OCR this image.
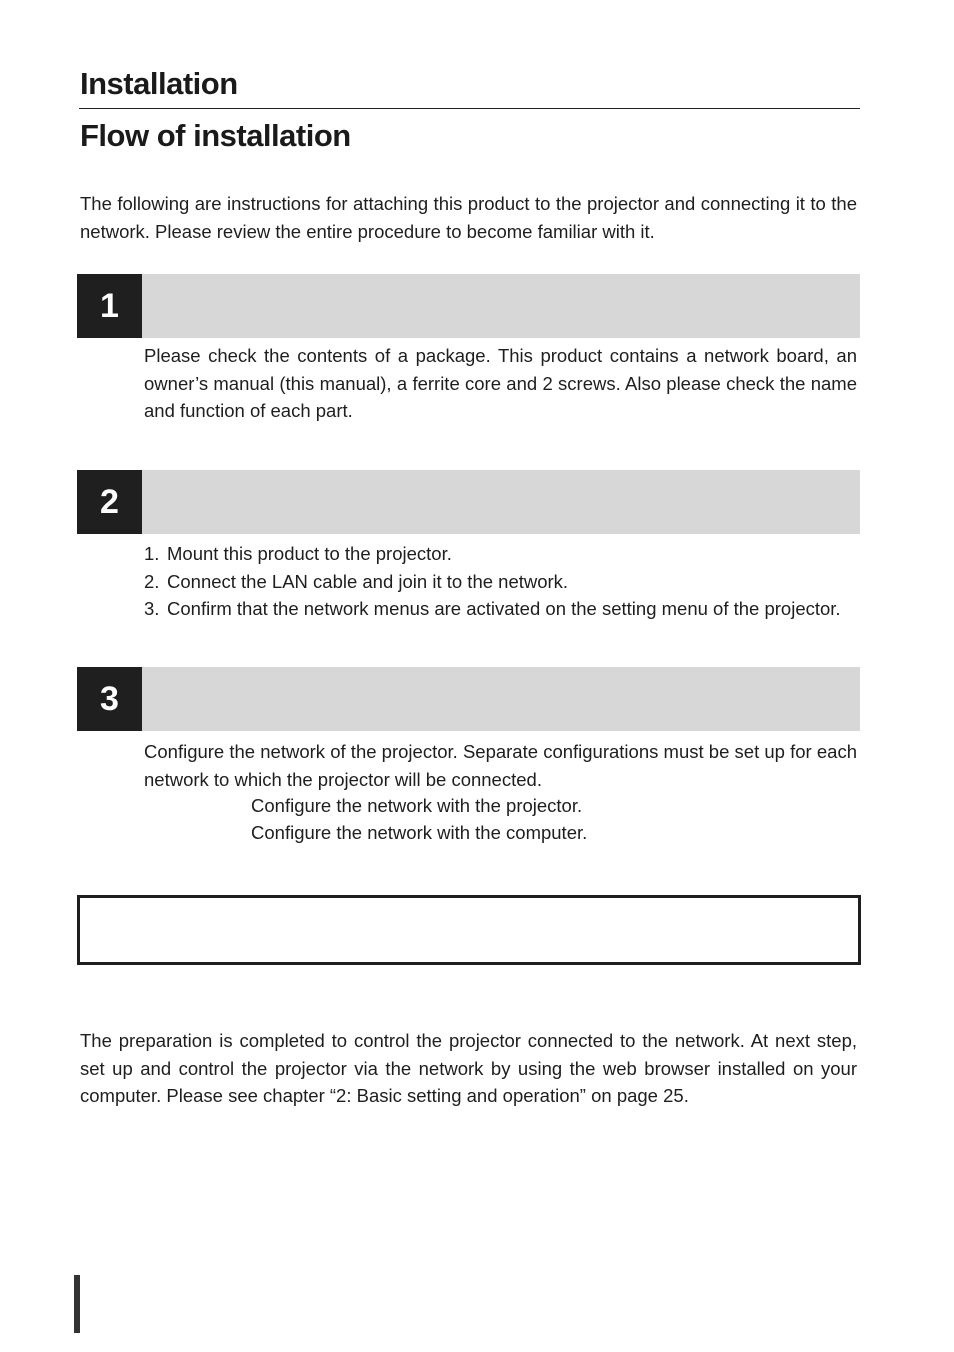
Installation
Flow of installation
The following are instructions for attaching this product to the projector and connecting it to the network. Please review the entire procedure to become familiar with it.
1
Please check the contents of a package. This product contains a network board, an owner’s manual (this manual), a ferrite core and 2 screws. Also please check the name and function of each part.
2
1. Mount this product to the projector.
2. Connect the LAN cable and join it to the network.
3. Confirm that the network menus are activated on the setting menu of the projector.
3
Configure the network of the projector. Separate configurations must be set up for each network to which the projector will be connected.
Configure the network with the projector.
Configure the network with the computer.
The preparation is completed to control the projector connected to the network. At next step, set up and control the projector via the network by using the web browser installed on your computer. Please see chapter “2: Basic setting and operation” on page 25.
